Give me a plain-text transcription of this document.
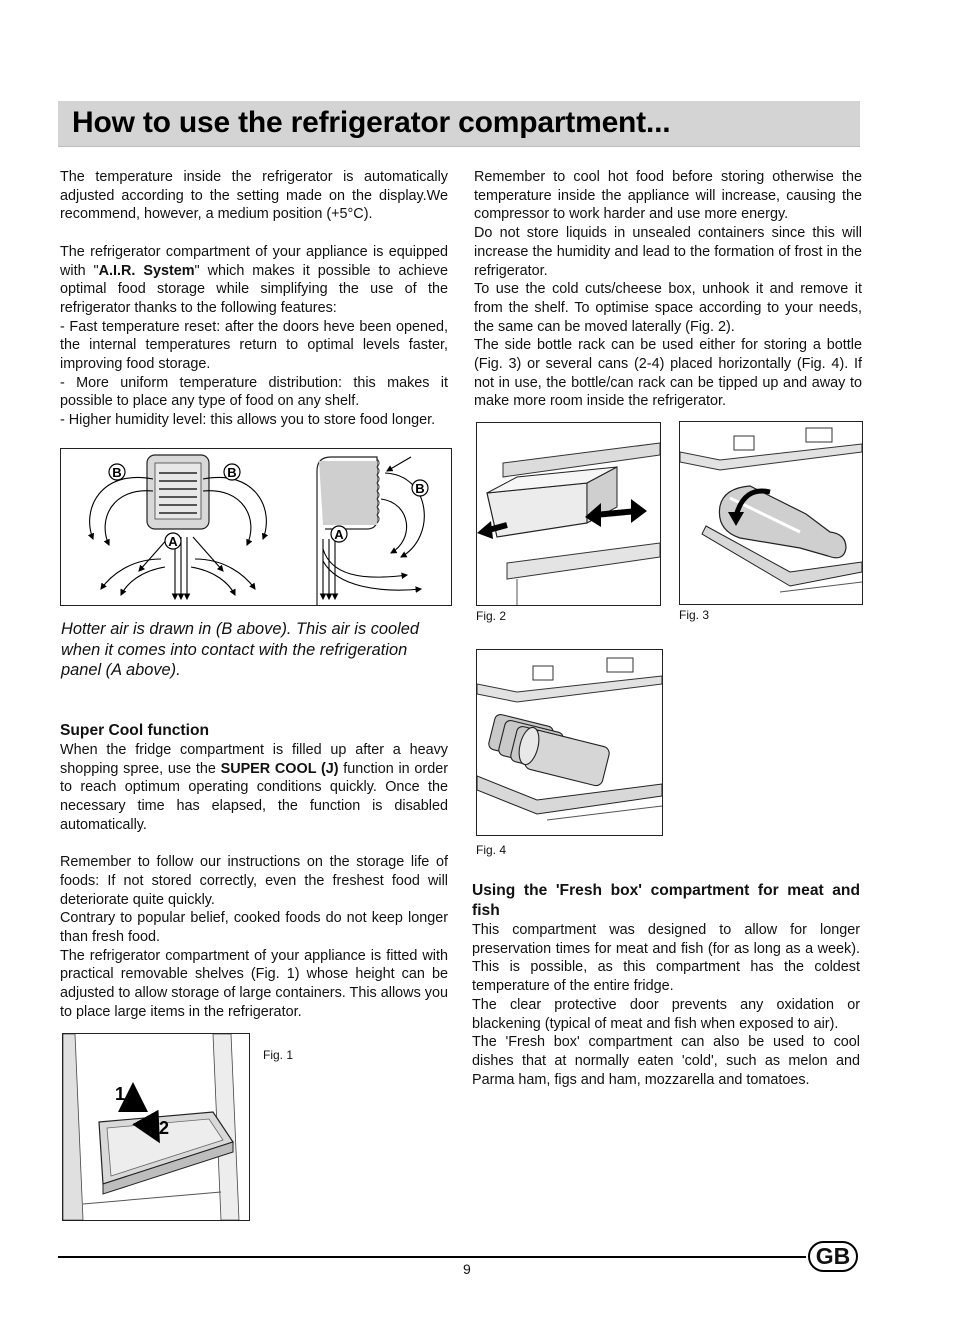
How to use the refrigerator compartment...

The temperature inside the refrigerator is automatically adjusted according to the setting made on the display.We recommend, however, a medium position (+5°C).

The refrigerator compartment of your appliance is equipped with "A.I.R. System" which makes it possible to achieve optimal food storage while simplifying the use of the refrigerator thanks to the following features:

- Fast temperature reset: after the doors heve been opened, the internal temperatures return to optimal levels faster, improving food storage.

- More uniform temperature distribution: this makes it possible to place any type of food on any shelf.

- Higher humidity level: this allows you to store food longer.

B	B
A
B
A
Hotter air is drawn in (B above). This air is cooled when it comes into contact with the refrigeration panel (A above).

Super Cool function

When the fridge compartment is filled up after a heavy shopping spree, use the SUPER COOL (J) function in order to reach optimum operating conditions quickly. Once the necessary time has elapsed, the function is disabled automatically.

Remember to follow our instructions on the storage life of foods: If not stored correctly, even the freshest food will deteriorate quite quickly.

Contrary to popular belief, cooked foods do not keep longer than fresh food.

The refrigerator compartment of your appliance is fitted with practical removable shelves (Fig. 1) whose height can be adjusted to allow storage of large containers. This allows you to place large items in the refrigerator.

1
2
Fig. 1

Remember to cool hot food before storing otherwise the temperature inside the appliance will increase, causing the compressor to work harder and use more energy.

Do not store liquids in unsealed containers since this will increase the humidity and lead to the formation of frost in the refrigerator.

To use the cold cuts/cheese box, unhook it and remove it from the shelf. To optimise space according to your needs, the same can be moved laterally (Fig. 2).

The side bottle rack can be used either for storing a bottle (Fig. 3) or several cans (2-4) placed horizontally (Fig. 4). If not in use, the bottle/can rack can be tipped up and away to make more room inside the refrigerator.

Fig. 2	Fig. 3
Fig. 4

Using the 'Fresh box' compartment for meat and fish

This compartment was designed to allow for longer preservation times for meat and fish (for as long as a week). This is possible, as this compartment has the coldest temperature of the entire fridge.

The clear protective door prevents any oxidation or blackening (typical of meat and fish when exposed to air).

The 'Fresh box' compartment can also be used to cool dishes that at normally eaten 'cold', such as melon and Parma ham, figs and ham, mozzarella and tomatoes.

9	GB
